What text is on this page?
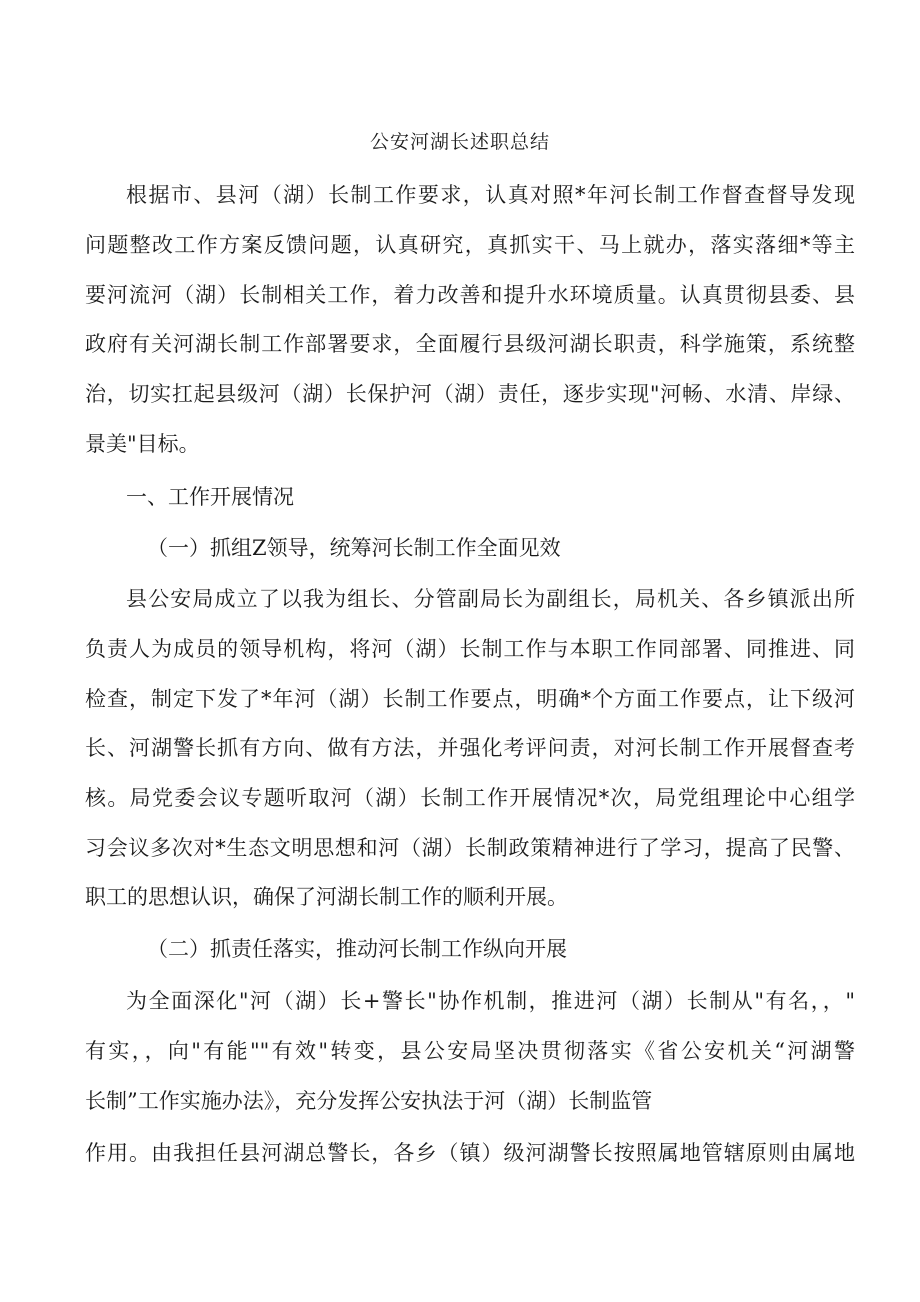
公安河湖长述职总结

根据市、县河（湖）长制工作要求，认真对照*年河长制工作督查督导发现

问题整改工作方案反馈问题，认真研究，真抓实干、马上就办，落实落细*等主

要河流河（湖）长制相关工作，着力改善和提升水环境质量。认真贯彻县委、县

政府有关河湖长制工作部署要求，全面履行县级河湖长职责，科学施策，系统整

治，切实扛起县级河（湖）长保护河（湖）责任，逐步实现"河畅、水清、岸绿、

景美"目标。

一、工作开展情况

（一）抓组Z领导，统筹河长制工作全面见效

县公安局成立了以我为组长、分管副局长为副组长，局机关、各乡镇派出所

负责人为成员的领导机构，将河（湖）长制工作与本职工作同部署、同推进、同

检查，制定下发了*年河（湖）长制工作要点，明确*个方面工作要点，让下级河

长、河湖警长抓有方向、做有方法，并强化考评问责，对河长制工作开展督查考

核。局党委会议专题听取河（湖）长制工作开展情况*次，局党组理论中心组学

习会议多次对*生态文明思想和河（湖）长制政策精神进行了学习，提高了民警、

职工的思想认识，确保了河湖长制工作的顺利开展。

（二）抓责任落实，推动河长制工作纵向开展

为全面深化"河（湖）长+警长"协作机制，推进河（湖）长制从"有名，，"

有实，，向"有能""有效"转变，县公安局坚决贯彻落实《省公安机关“河湖警

长制”工作实施办法》，充分发挥公安执法于河（湖）长制监管

作用。由我担任县河湖总警长，各乡（镇）级河湖警长按照属地管辖原则由属地
